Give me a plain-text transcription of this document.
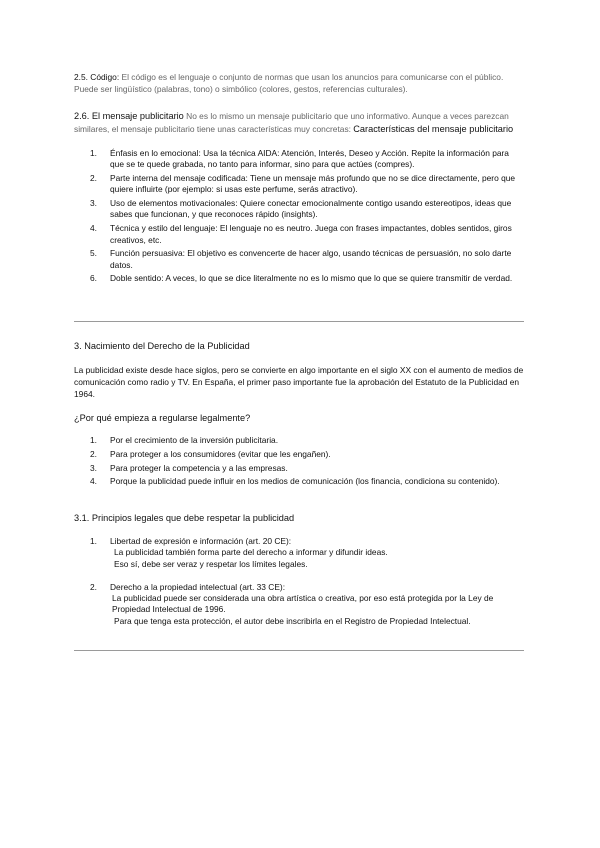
2.5. Código: El código es el lenguaje o conjunto de normas que usan los anuncios para comunicarse con el público. Puede ser lingüístico (palabras, tono) o simbólico (colores, gestos, referencias culturales).

2.6. El mensaje publicitario No es lo mismo un mensaje publicitario que uno informativo. Aunque a veces parezcan similares, el mensaje publicitario tiene unas características muy concretas: Características del mensaje publicitario

1. Énfasis en lo emocional: Usa la técnica AIDA: Atención, Interés, Deseo y Acción. Repite la información para que se te quede grabada, no tanto para informar, sino para que actúes (compres).
2. Parte interna del mensaje codificada: Tiene un mensaje más profundo que no se dice directamente, pero que quiere influirte (por ejemplo: si usas este perfume, serás atractivo).
3. Uso de elementos motivacionales: Quiere conectar emocionalmente contigo usando estereotipos, ideas que sabes que funcionan, y que reconoces rápido (insights).
4. Técnica y estilo del lenguaje: El lenguaje no es neutro. Juega con frases impactantes, dobles sentidos, giros creativos, etc.
5. Función persuasiva: El objetivo es convencerte de hacer algo, usando técnicas de persuasión, no solo darte datos.
6. Doble sentido: A veces, lo que se dice literalmente no es lo mismo que lo que se quiere transmitir de verdad.

3. Nacimiento del Derecho de la Publicidad

La publicidad existe desde hace siglos, pero se convierte en algo importante en el siglo XX con el aumento de medios de comunicación como radio y TV. En España, el primer paso importante fue la aprobación del Estatuto de la Publicidad en 1964.

¿Por qué empieza a regularse legalmente?

1. Por el crecimiento de la inversión publicitaria.
2. Para proteger a los consumidores (evitar que les engañen).
3. Para proteger la competencia y a las empresas.
4. Porque la publicidad puede influir en los medios de comunicación (los financia, condiciona su contenido).

3.1. Principios legales que debe respetar la publicidad

1. Libertad de expresión e información (art. 20 CE):
La publicidad también forma parte del derecho a informar y difundir ideas.
Eso sí, debe ser veraz y respetar los límites legales.
2. Derecho a la propiedad intelectual (art. 33 CE):
La publicidad puede ser considerada una obra artística o creativa, por eso está protegida por la Ley de Propiedad Intelectual de 1996.
Para que tenga esta protección, el autor debe inscribirla en el Registro de Propiedad Intelectual.
